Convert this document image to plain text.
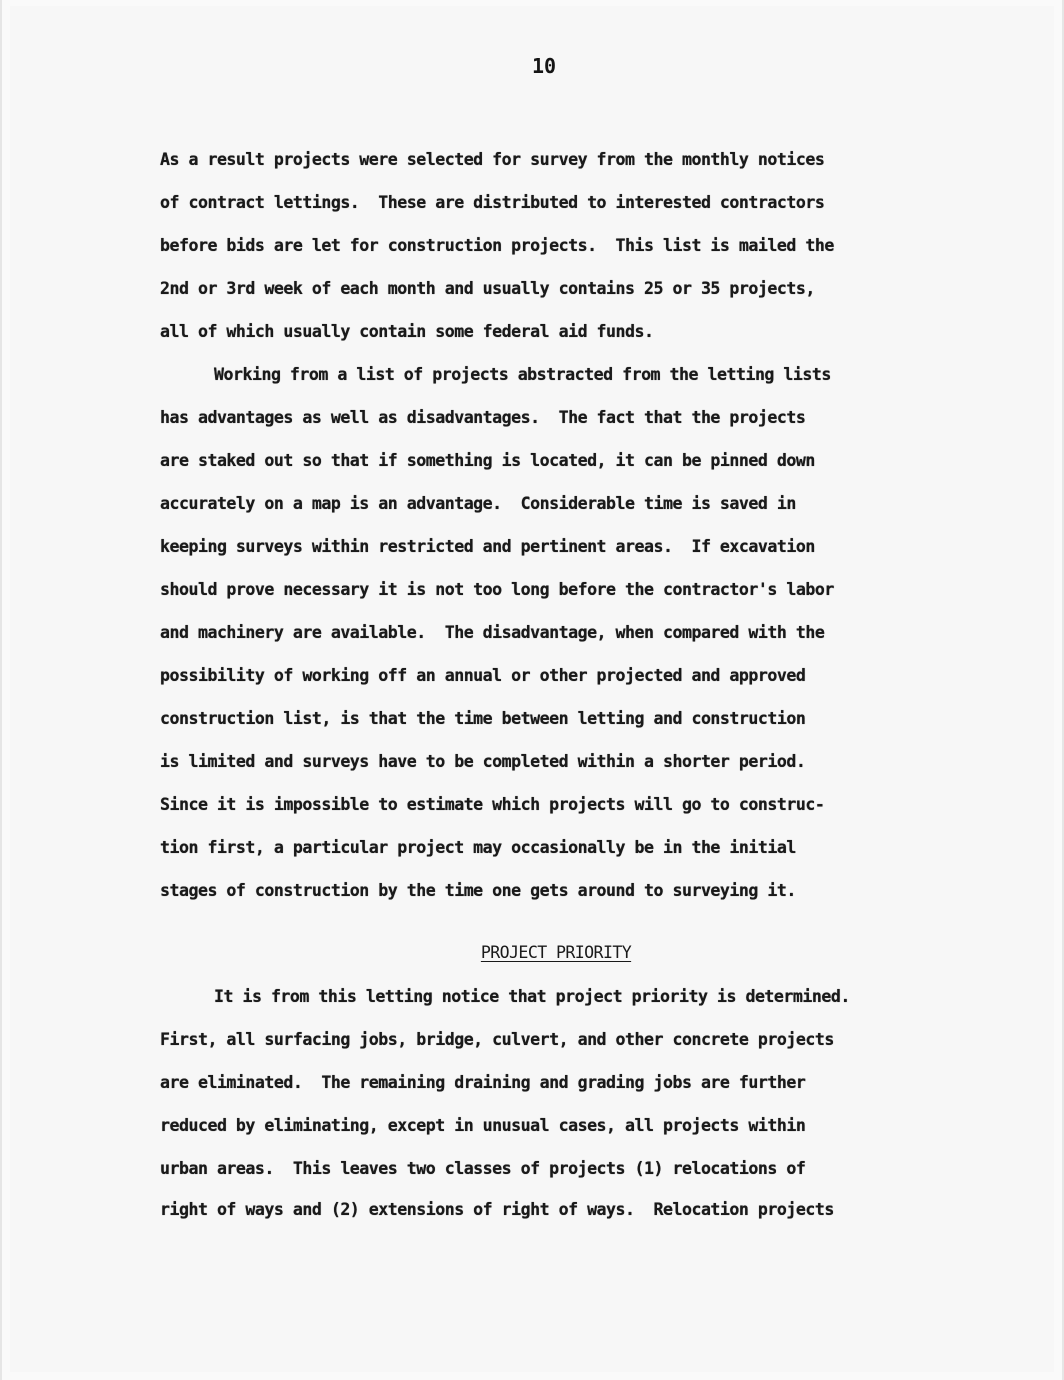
10
As a result projects were selected for survey from the monthly notices
of contract lettings.  These are distributed to interested contractors
before bids are let for construction projects.  This list is mailed the
2nd or 3rd week of each month and usually contains 25 or 35 projects,
all of which usually contain some federal aid funds.
Working from a list of projects abstracted from the letting lists
has advantages as well as disadvantages.  The fact that the projects
are staked out so that if something is located, it can be pinned down
accurately on a map is an advantage.  Considerable time is saved in
keeping surveys within restricted and pertinent areas.  If excavation
should prove necessary it is not too long before the contractor's labor
and machinery are available.  The disadvantage, when compared with the
possibility of working off an annual or other projected and approved
construction list, is that the time between letting and construction
is limited and surveys have to be completed within a shorter period.
Since it is impossible to estimate which projects will go to construc-
tion first, a particular project may occasionally be in the initial
stages of construction by the time one gets around to surveying it.
PROJECT PRIORITY
It is from this letting notice that project priority is determined.
First, all surfacing jobs, bridge, culvert, and other concrete projects
are eliminated.  The remaining draining and grading jobs are further
reduced by eliminating, except in unusual cases, all projects within
urban areas.  This leaves two classes of projects (1) relocations of
right of ways and (2) extensions of right of ways.  Relocation projects
